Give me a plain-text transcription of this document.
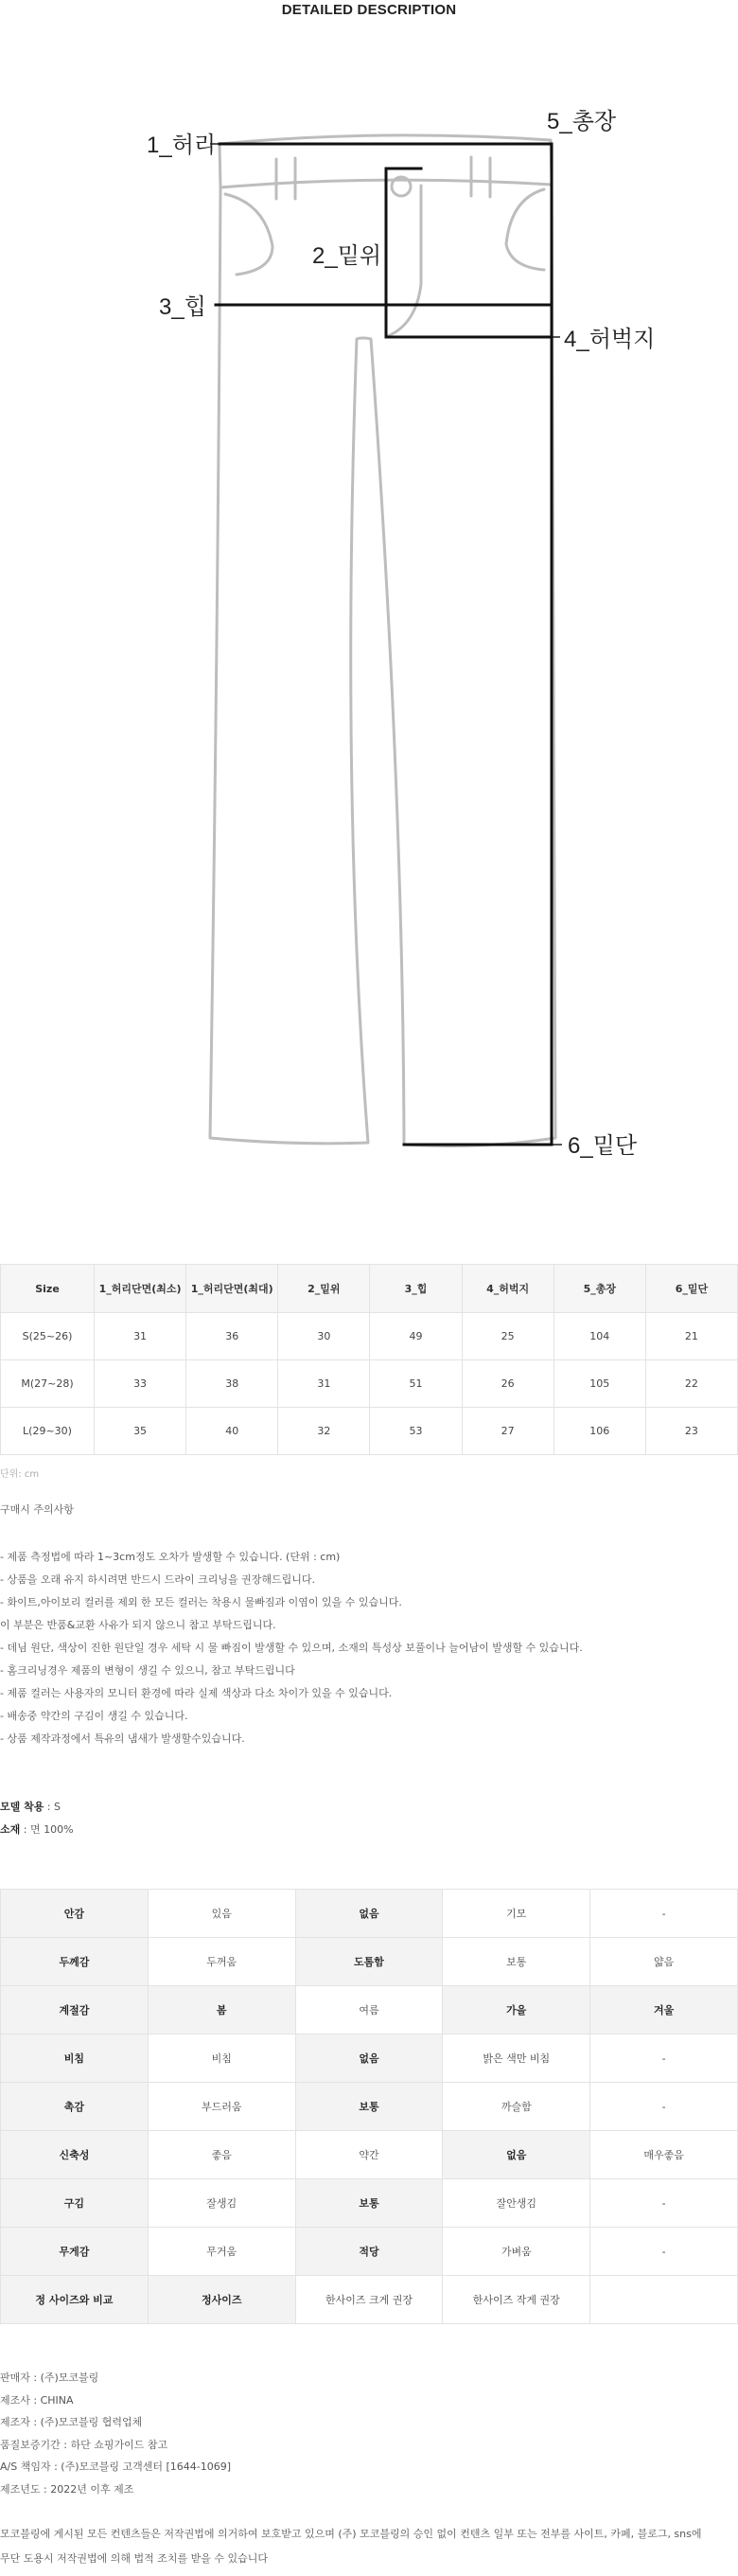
DETAILED DESCRIPTION
1_허리
2_밑위
3_힙
4_허벅지
5_총장
6_밑단
Size	1_허리단면(최소)	1_허리단면(최대)	2_밑위	3_힙	4_허벅지	5_총장	6_밑단
S(25~26)	31	36	30	49	25	104	21
M(27~28)	33	38	31	51	26	105	22
L(29~30)	35	40	32	53	27	106	23
단위: cm
구매시 주의사항
- 제품 측정법에 따라 1~3cm정도 오차가 발생할 수 있습니다. (단위 : cm)
- 상품을 오래 유지 하시려면 반드시 드라이 크리닝을 권장해드립니다.
- 화이트,아이보리 컬러를 제외 한 모든 컬러는 착용시 물빠짐과 이염이 있을 수 있습니다.
이 부분은 반품&교환 사유가 되지 않으니 참고 부탁드립니다.
- 데님 원단, 색상이 진한 원단일 경우 세탁 시 물 빠짐이 발생할 수 있으며, 소재의 특성상 보풀이나 늘어남이 발생할 수 있습니다.
- 홈크리닝경우 제품의 변형이 생길 수 있으니, 참고 부탁드립니다
- 제품 컬러는 사용자의 모니터 환경에 따라 실제 색상과 다소 차이가 있을 수 있습니다.
- 배송중 약간의 구김이 생길 수 있습니다.
- 상품 제작과정에서 특유의 냄새가 발생할수있습니다.
모델 착용 : S
소재 : 면 100%
안감	있음	없음	기모	-
두께감	두꺼움	도톰함	보통	얇음
계절감	봄	여름	가을	겨울
비침	비침	없음	밝은 색만 비침	-
촉감	부드러움	보통	까슬함	-
신축성	좋음	약간	없음	매우좋음
구김	잘생김	보통	잘안생김	-
무게감	무거움	적당	가벼움	-
정 사이즈와 비교	정사이즈	한사이즈 크게 권장	한사이즈 작게 권장	
판매자 : (주)모코블링
제조사 : CHINA
제조자 : (주)모코블링 협력업체
품질보증기간 : 하단 쇼핑가이드 참고
A/S 책임자 : (주)모코블링 고객센터 [1644-1069]
제조년도 : 2022년 이후 제조
모코블링에 게시된 모든 컨텐츠들은 저작권법에 의거하여 보호받고 있으며 (주) 모코블링의 승인 없이 컨텐츠 일부 또는 전부를 사이트, 카페, 블로그, sns에
무단 도용시 저작권법에 의해 법적 조치를 받을 수 있습니다
